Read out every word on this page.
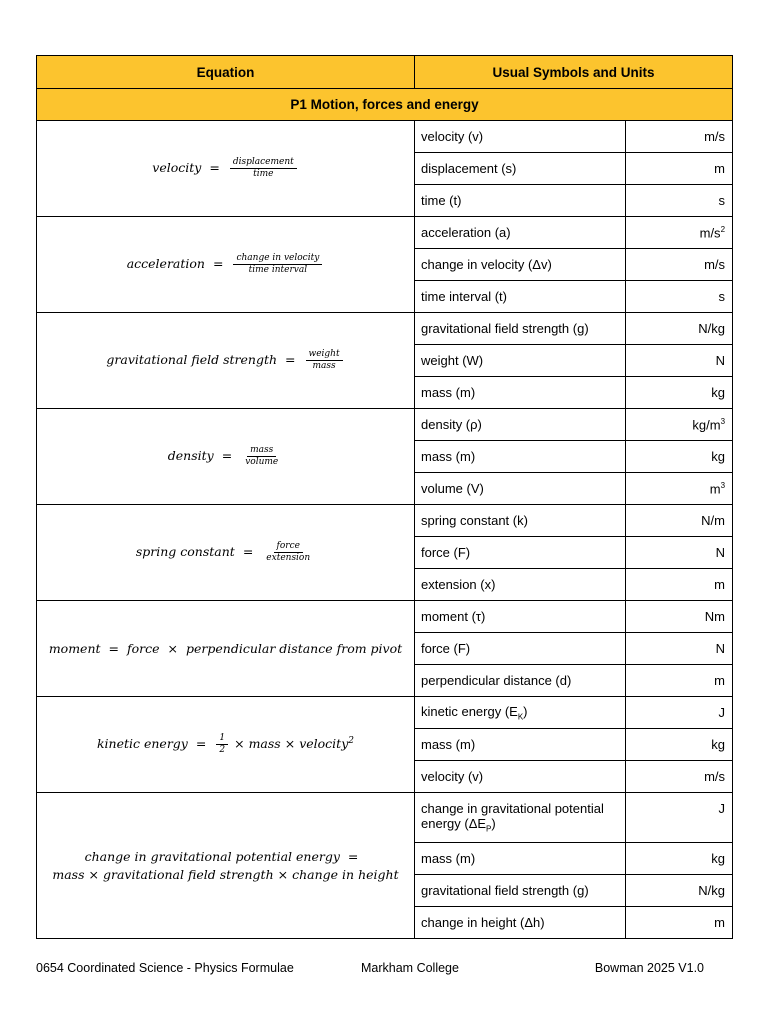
Equation	Usual Symbols and Units	
P1 Motion, forces and energy		
velocity = $\frac{\text{displacement}}{\text{time}}$	velocity (v)	m/s
	displacement (s)	m
	time (t)	s
acceleration = $\frac{\text{change in velocity}}{\text{time interval}}$	acceleration (a)	$m/s^2$
	change in velocity (Δv)	m/s
	time interval (t)	s
gravitational field strength = $\frac{\text{weight}}{\text{mass}}$	gravitational field strength (g)	N/kg
	weight (W)	N
	mass (m)	kg
density = $\frac{\text{mass}}{\text{volume}}$	density (ρ)	$kg/m^3$
	mass (m)	kg
	volume (V)	$m^3$
spring constant = $\frac{\text{force}}{\text{extension}}$	spring constant (k)	N/m
	force (F)	N
	extension (x)	m
moment = force × perpendicular distance from pivot	moment (τ)	Nm
	force (F)	N
	perpendicular distance (d)	m
kinetic energy = $\frac{1}{2}$ × mass × velocity$^2$	kinetic energy $(E_K)$	J
	mass (m)	kg
	velocity (v)	m/s

change in gravitational potential energy =
mass × gravitational field strength × change in height	change in gravitational potential energy $(\Delta E_P)$	J
	mass (m)	kg
	gravitational field strength (g)	N/kg
	change in height (Δh)	m
0654 Coordinated Science - Physics Formulae	Markham College	Bowman 2025 V1.0
